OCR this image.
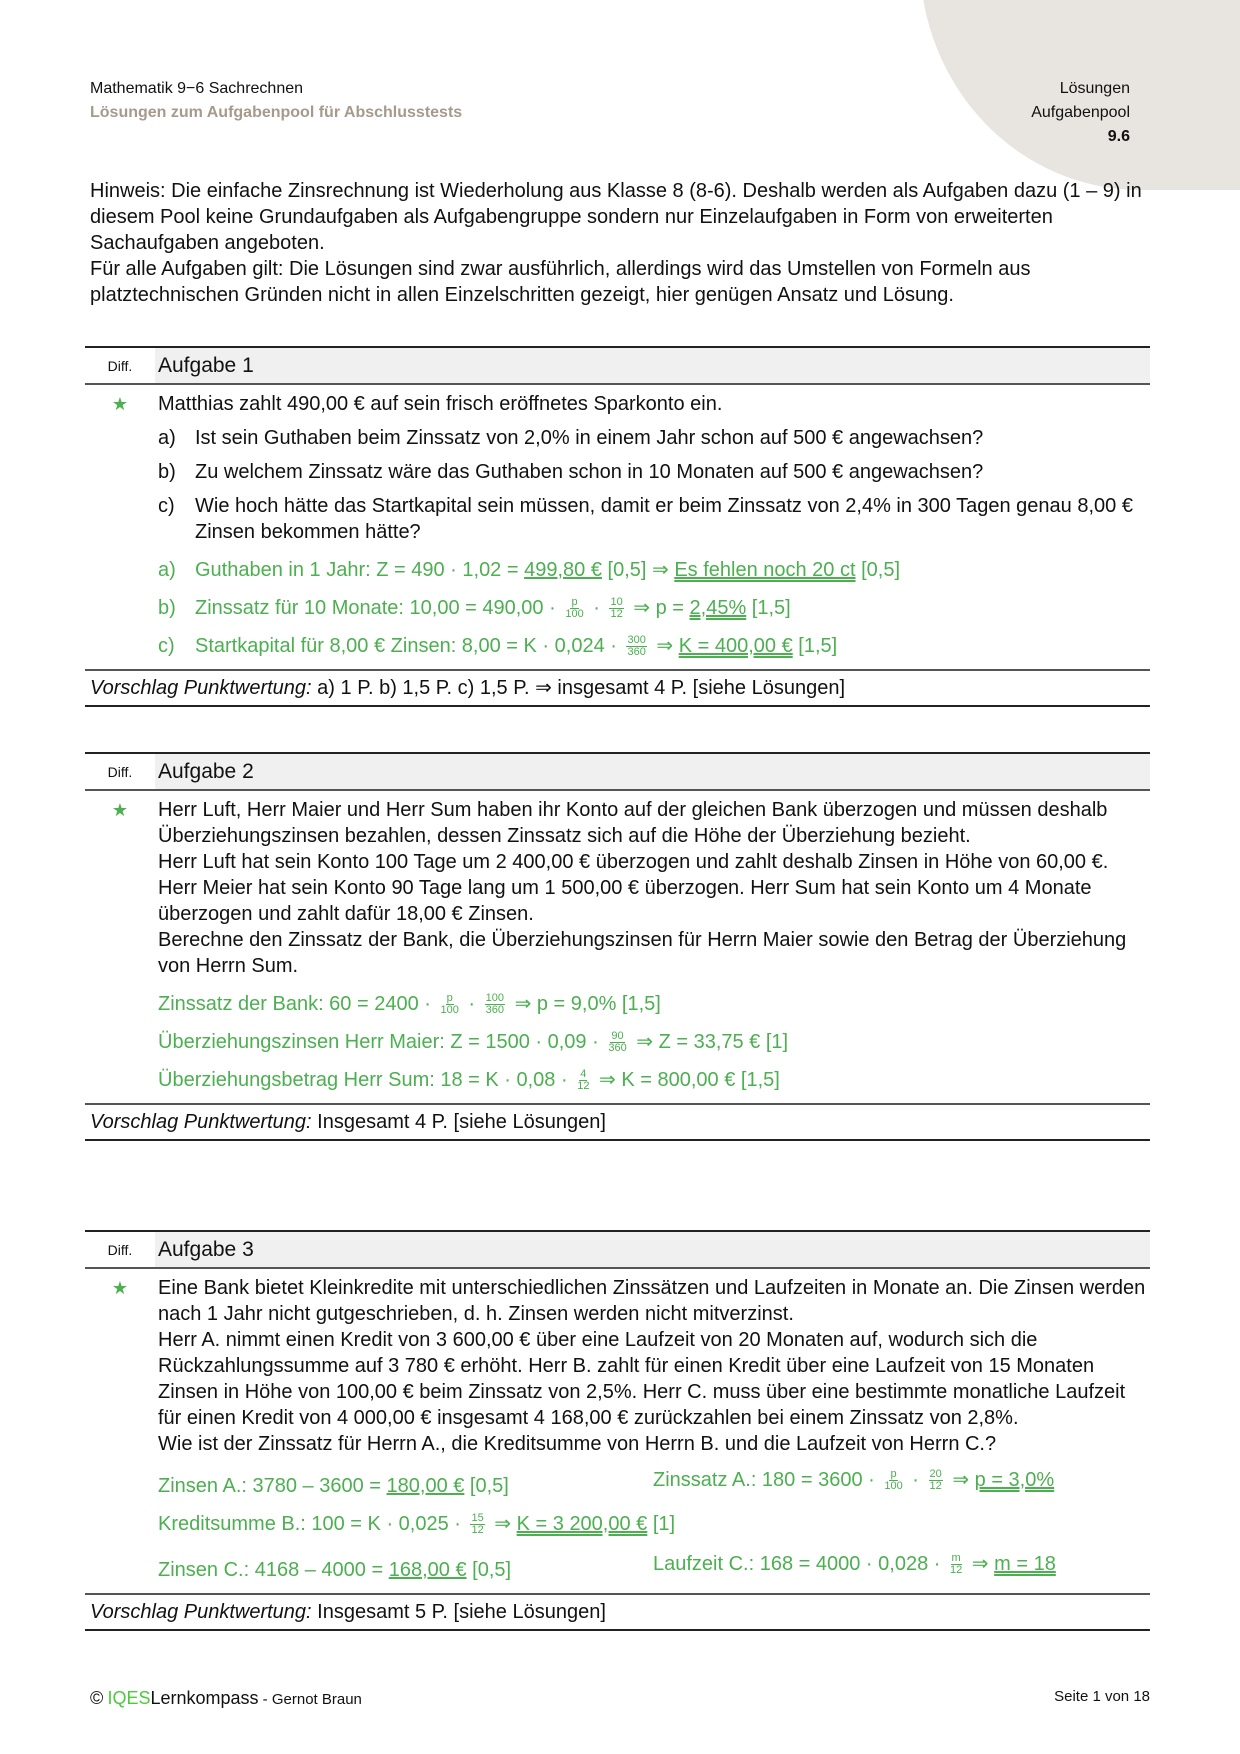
Mathematik 9−6 Sachrechnen
Lösungen zum Aufgabenpool für Abschlusstests
Lösungen
Aufgabenpool
9.6
Hinweis: Die einfache Zinsrechnung ist Wiederholung aus Klasse 8 (8-6). Deshalb werden als Aufgaben dazu (1 – 9) in diesem Pool keine Grundaufgaben als Aufgabengruppe sondern nur Einzelaufgaben in Form von erweiterten Sachaufgaben angeboten.
Für alle Aufgaben gilt: Die Lösungen sind zwar ausführlich, allerdings wird das Umstellen von Formeln aus platztechnischen Gründen nicht in allen Einzelschritten gezeigt, hier genügen Ansatz und Lösung.
Diff.	Aufgabe 1
★	Matthias zahlt 490,00 € auf sein frisch eröffnetes Sparkonto ein.
a) Ist sein Guthaben beim Zinssatz von 2,0% in einem Jahr schon auf 500 € angewachsen?
b) Zu welchem Zinssatz wäre das Guthaben schon in 10 Monaten auf 500 € angewachsen?
c)	Wie hoch hätte das Startkapital sein müssen, damit er beim Zinssatz von 2,4% in 300 Tagen genau 8,00 € Zinsen bekommen hätte?
a) Guthaben in 1 Jahr: Z = 490 · 1,02 = 499,80 € [0,5] ⇒ Es fehlen noch 20 ct [0,5]
b) Zinssatz für 10 Monate: $10,00 = 490,00 \cdot \frac{p}{100} \cdot \frac{10}{12}$ ⇒ p = 2,45% [1,5]
c)	Startkapital für 8,00 € Zinsen: $8,00 = K \cdot 0,024 \cdot \frac{300}{360}$ ⇒ K = 400,00 € [1,5]
Vorschlag Punktwertung: a) 1 P. b) 1,5 P. c) 1,5 P. ⇒ insgesamt 4 P. [siehe Lösungen]
Diff.	Aufgabe 2
★	Herr Luft, Herr Maier und Herr Sum haben ihr Konto auf der gleichen Bank überzogen und müssen deshalb Überziehungszinsen bezahlen, dessen Zinssatz sich auf die Höhe der Überziehung bezieht.
Herr Luft hat sein Konto 100 Tage um 2 400,00 € überzogen und zahlt deshalb Zinsen in Höhe von 60,00 €. Herr Meier hat sein Konto 90 Tage lang um 1 500,00 € überzogen. Herr Sum hat sein Konto um 4 Monate überzogen und zahlt dafür 18,00 € Zinsen.
Berechne den Zinssatz der Bank, die Überziehungszinsen für Herrn Maier sowie den Betrag der Überziehung von Herrn Sum.
Zinssatz der Bank: $60 = 2400 \cdot \frac{p}{100} \cdot \frac{100}{360}$ ⇒ p = 9,0% [1,5]
Überziehungszinsen Herr Maier: $Z = 1500 \cdot 0,09 \cdot \frac{90}{360}$ ⇒ Z = 33,75 € [1]
Überziehungsbetrag Herr Sum: $18 = K \cdot 0,08 \cdot \frac{4}{12}$ ⇒ K = 800,00 € [1,5]
Vorschlag Punktwertung: Insgesamt 4 P. [siehe Lösungen]
Diff.	Aufgabe 3
★	Eine Bank bietet Kleinkredite mit unterschiedlichen Zinssätzen und Laufzeiten in Monate an. Die Zinsen werden nach 1 Jahr nicht gutgeschrieben, d. h. Zinsen werden nicht mitverzinst.
Herr A. nimmt einen Kredit von 3 600,00 € über eine Laufzeit von 20 Monaten auf, wodurch sich die Rückzahlungssumme auf 3 780 € erhöht. Herr B. zahlt für einen Kredit über eine Laufzeit von 15 Monaten Zinsen in Höhe von 100,00 € beim Zinssatz von 2,5%. Herr C. muss über eine bestimmte monatliche Laufzeit für einen Kredit von 4 000,00 € insgesamt 4 168,00 € zurückzahlen bei einem Zinssatz von 2,8%.
Wie ist der Zinssatz für Herrn A., die Kreditsumme von Herrn B. und die Laufzeit von Herrn C.?
Zinsen A.: 3780 – 3600 = 180,00 € [0,5]	Zinssatz A.: $180 = 3600 \cdot \frac{p}{100} \cdot \frac{20}{12}$ ⇒ p = 3,0%
Kreditsumme B.: $100 = K \cdot 0,025 \cdot \frac{15}{12}$ ⇒ K = 3 200,00 € [1]
Zinsen C.: 4168 – 4000 = 168,00 € [0,5]	Laufzeit C.: $168 = 4000 \cdot 0,028 \cdot \frac{m}{12}$ ⇒ m = 18
Vorschlag Punktwertung: Insgesamt 5 P. [siehe Lösungen]
© IQESLernkompass - Gernot Braun	Seite 1 von 18
